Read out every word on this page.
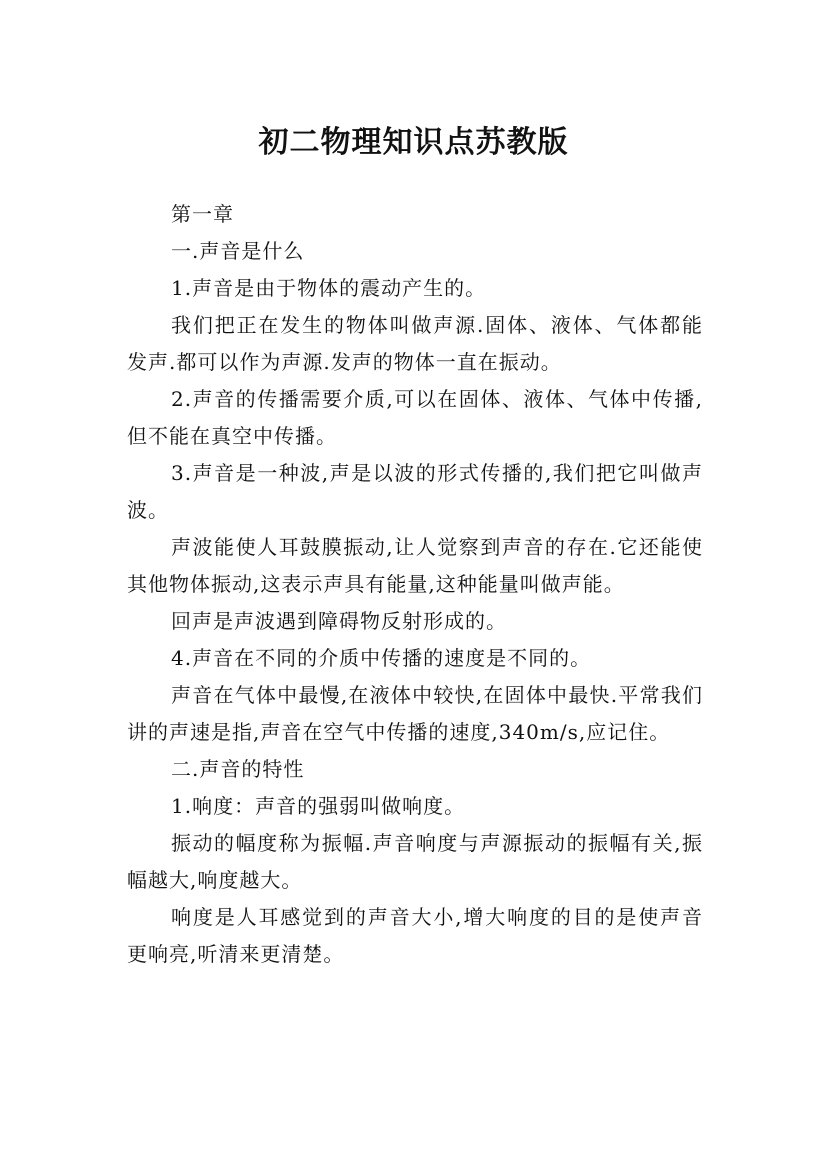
初二物理知识点苏教版

第一章

一.声音是什么

1.声音是由于物体的震动产生的。

我们把正在发生的物体叫做声源.固体、液体、气体都能发声.都可以作为声源.发声的物体一直在振动。

2.声音的传播需要介质,可以在固体、液体、气体中传播,但不能在真空中传播。

3.声音是一种波,声是以波的形式传播的,我们把它叫做声波。

声波能使人耳鼓膜振动,让人觉察到声音的存在.它还能使其他物体振动,这表示声具有能量,这种能量叫做声能。

回声是声波遇到障碍物反射形成的。

4.声音在不同的介质中传播的速度是不同的。

声音在气体中最慢,在液体中较快,在固体中最快.平常我们讲的声速是指,声音在空气中传播的速度,340m/s,应记住。

二.声音的特性

1.响度：声音的强弱叫做响度。

振动的幅度称为振幅.声音响度与声源振动的振幅有关,振幅越大,响度越大。

响度是人耳感觉到的声音大小,增大响度的目的是使声音更响亮,听清来更清楚。
